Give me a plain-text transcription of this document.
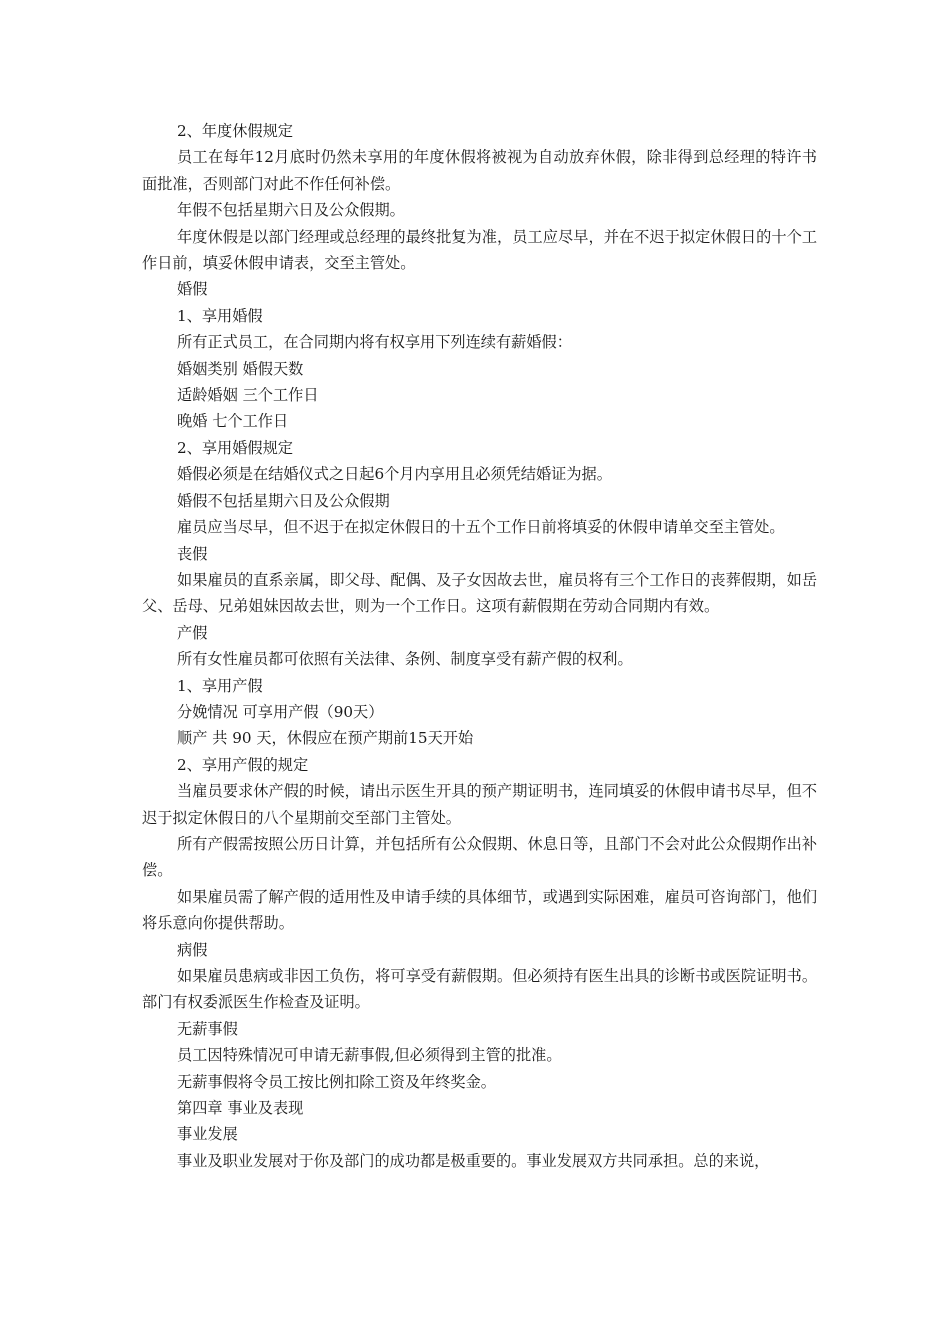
2、年度休假规定

员工在每年12月底时仍然未享用的年度休假将被视为自动放弃休假，除非得到总经理的特许书面批准，否则部门对此不作任何补偿。

年假不包括星期六日及公众假期。

年度休假是以部门经理或总经理的最终批复为准，员工应尽早，并在不迟于拟定休假日的十个工作日前，填妥休假申请表，交至主管处。

婚假

1、享用婚假

所有正式员工，在合同期内将有权享用下列连续有薪婚假：

婚姻类别 婚假天数

适龄婚姻 三个工作日

晚婚 七个工作日

2、享用婚假规定

婚假必须是在结婚仪式之日起6个月内享用且必须凭结婚证为据。

婚假不包括星期六日及公众假期

雇员应当尽早，但不迟于在拟定休假日的十五个工作日前将填妥的休假申请单交至主管处。

丧假

如果雇员的直系亲属，即父母、配偶、及子女因故去世，雇员将有三个工作日的丧葬假期，如岳父、岳母、兄弟姐妹因故去世，则为一个工作日。这项有薪假期在劳动合同期内有效。

产假

所有女性雇员都可依照有关法律、条例、制度享受有薪产假的权利。

1、享用产假

分娩情况 可享用产假（90天）

顺产 共 90 天，休假应在预产期前15天开始

2、享用产假的规定

当雇员要求休产假的时候，请出示医生开具的预产期证明书，连同填妥的休假申请书尽早，但不迟于拟定休假日的八个星期前交至部门主管处。

所有产假需按照公历日计算，并包括所有公众假期、休息日等，且部门不会对此公众假期作出补偿。

如果雇员需了解产假的适用性及申请手续的具体细节，或遇到实际困难，雇员可咨询部门，他们将乐意向你提供帮助。

病假

如果雇员患病或非因工负伤，将可享受有薪假期。但必须持有医生出具的诊断书或医院证明书。部门有权委派医生作检查及证明。

无薪事假

员工因特殊情况可申请无薪事假,但必须得到主管的批准。

无薪事假将令员工按比例扣除工资及年终奖金。

第四章 事业及表现

事业发展

事业及职业发展对于你及部门的成功都是极重要的。事业发展双方共同承担。总的来说，
